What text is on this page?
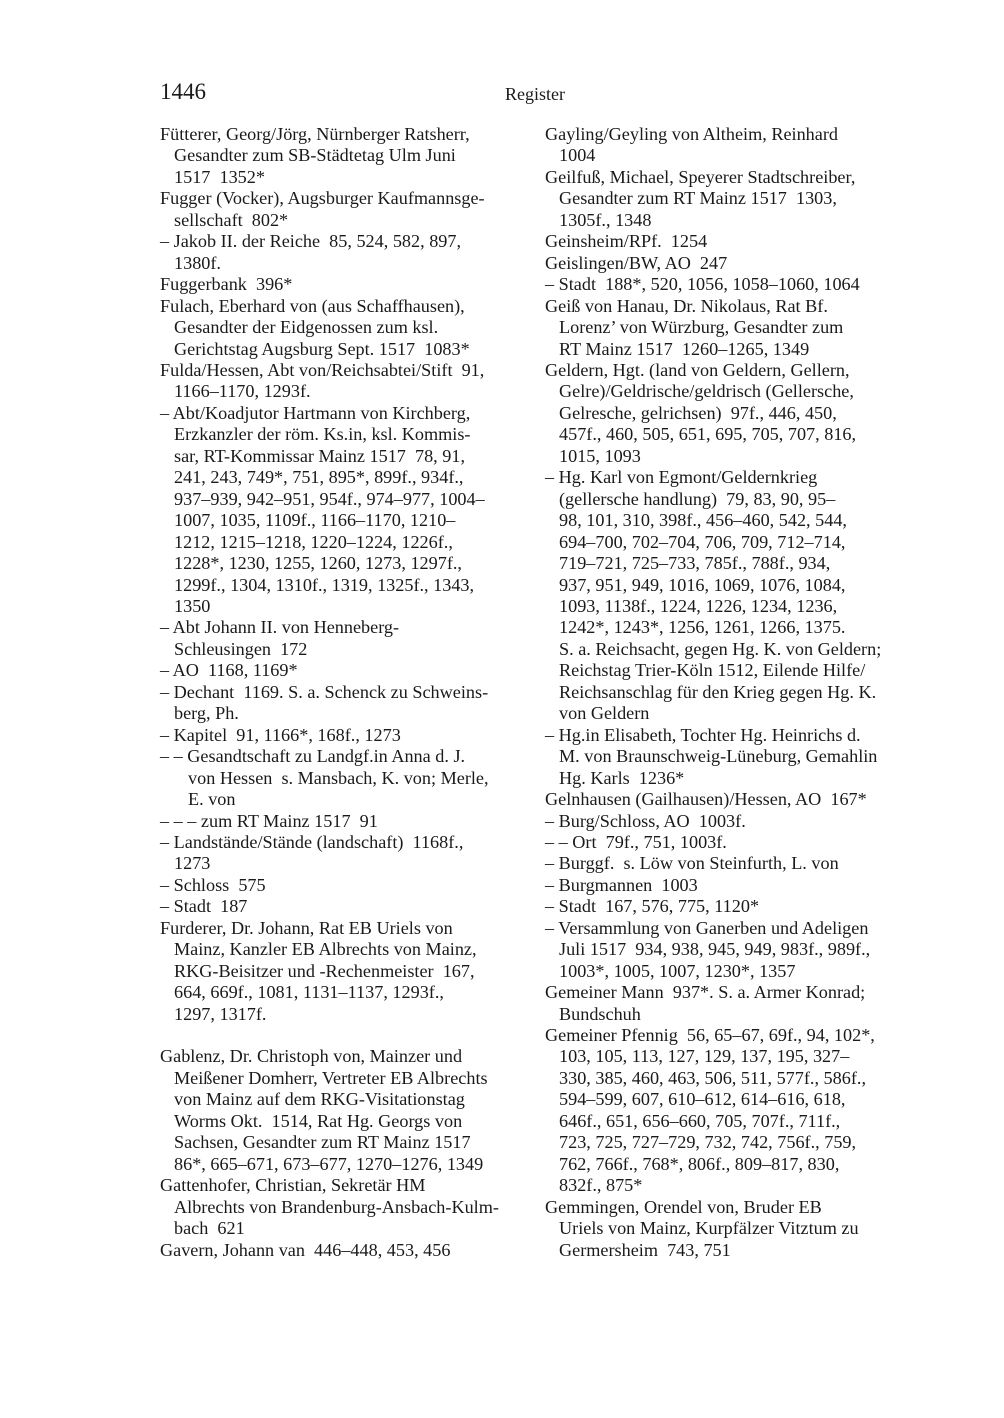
1446	Register
Fütterer, Georg/Jörg, Nürnberger Ratsherr,
Gesandter zum SB-Städtetag Ulm Juni
1517  1352*
Fugger (Vocker), Augsburger Kaufmannsge-
sellschaft  802*
– Jakob II. der Reiche  85, 524, 582, 897,
1380f.
Fuggerbank  396*
Fulach, Eberhard von (aus Schaffhausen),
Gesandter der Eidgenossen zum ksl.
Gerichtstag Augsburg Sept. 1517  1083*
Fulda/Hessen, Abt von/Reichsabtei/Stift  91,
1166–1170, 1293f.
– Abt/Koadjutor Hartmann von Kirchberg,
Erzkanzler der röm. Ks.in, ksl. Kommis-
sar, RT-Kommissar Mainz 1517  78, 91,
241, 243, 749*, 751, 895*, 899f., 934f.,
937–939, 942–951, 954f., 974–977, 1004–
1007, 1035, 1109f., 1166–1170, 1210–
1212, 1215–1218, 1220–1224, 1226f.,
1228*, 1230, 1255, 1260, 1273, 1297f.,
1299f., 1304, 1310f., 1319, 1325f., 1343,
1350
– Abt Johann II. von Henneberg-
Schleusingen  172
– AO  1168, 1169*
– Dechant  1169. S. a. Schenck zu Schweins-
berg, Ph.
– Kapitel  91, 1166*, 168f., 1273
– – Gesandtschaft zu Landgf.in Anna d. J.
von Hessen  s. Mansbach, K. von; Merle,
E. von
– – – zum RT Mainz 1517  91
– Landstände/Stände (landschaft)  1168f.,
1273
– Schloss  575
– Stadt  187
Furderer, Dr. Johann, Rat EB Uriels von
Mainz, Kanzler EB Albrechts von Mainz,
RKG-Beisitzer und -Rechenmeister  167,
664, 669f., 1081, 1131–1137, 1293f.,
1297, 1317f.
Gablenz, Dr. Christoph von, Mainzer und
Meißener Domherr, Vertreter EB Albrechts
von Mainz auf dem RKG-Visitationstag
Worms Okt.  1514, Rat Hg. Georgs von
Sachsen, Gesandter zum RT Mainz 1517
86*, 665–671, 673–677, 1270–1276, 1349
Gattenhofer, Christian, Sekretär HM
Albrechts von Brandenburg-Ansbach-Kulm-
bach  621
Gavern, Johann van  446–448, 453, 456
Gayling/Geyling von Altheim, Reinhard
1004
Geilfuß, Michael, Speyerer Stadtschreiber,
Gesandter zum RT Mainz 1517  1303,
1305f., 1348
Geinsheim/RPf.  1254
Geislingen/BW, AO  247
– Stadt  188*, 520, 1056, 1058–1060, 1064
Geiß von Hanau, Dr. Nikolaus, Rat Bf.
Lorenz’ von Würzburg, Gesandter zum
RT Mainz 1517  1260–1265, 1349
Geldern, Hgt. (land von Geldern, Gellern,
Gelre)/Geldrische/geldrisch (Gellersche,
Gelresche, gelrichsen)  97f., 446, 450,
457f., 460, 505, 651, 695, 705, 707, 816,
1015, 1093
– Hg. Karl von Egmont/Geldernkrieg
(gellersche handlung)  79, 83, 90, 95–
98, 101, 310, 398f., 456–460, 542, 544,
694–700, 702–704, 706, 709, 712–714,
719–721, 725–733, 785f., 788f., 934,
937, 951, 949, 1016, 1069, 1076, 1084,
1093, 1138f., 1224, 1226, 1234, 1236,
1242*, 1243*, 1256, 1261, 1266, 1375.
S. a. Reichsacht, gegen Hg. K. von Geldern;
Reichstag Trier-Köln 1512, Eilende Hilfe/
Reichsanschlag für den Krieg gegen Hg. K.
von Geldern
– Hg.in Elisabeth, Tochter Hg. Heinrichs d.
M. von Braunschweig-Lüneburg, Gemahlin
Hg. Karls  1236*
Gelnhausen (Gailhausen)/Hessen, AO  167*
– Burg/Schloss, AO  1003f.
– – Ort  79f., 751, 1003f.
– Burggf.  s. Löw von Steinfurth, L. von
– Burgmannen  1003
– Stadt  167, 576, 775, 1120*
– Versammlung von Ganerben und Adeligen
Juli 1517  934, 938, 945, 949, 983f., 989f.,
1003*, 1005, 1007, 1230*, 1357
Gemeiner Mann  937*. S. a. Armer Konrad;
Bundschuh
Gemeiner Pfennig  56, 65–67, 69f., 94, 102*,
103, 105, 113, 127, 129, 137, 195, 327–
330, 385, 460, 463, 506, 511, 577f., 586f.,
594–599, 607, 610–612, 614–616, 618,
646f., 651, 656–660, 705, 707f., 711f.,
723, 725, 727–729, 732, 742, 756f., 759,
762, 766f., 768*, 806f., 809–817, 830,
832f., 875*
Gemmingen, Orendel von, Bruder EB
Uriels von Mainz, Kurpfälzer Vitztum zu
Germersheim  743, 751
